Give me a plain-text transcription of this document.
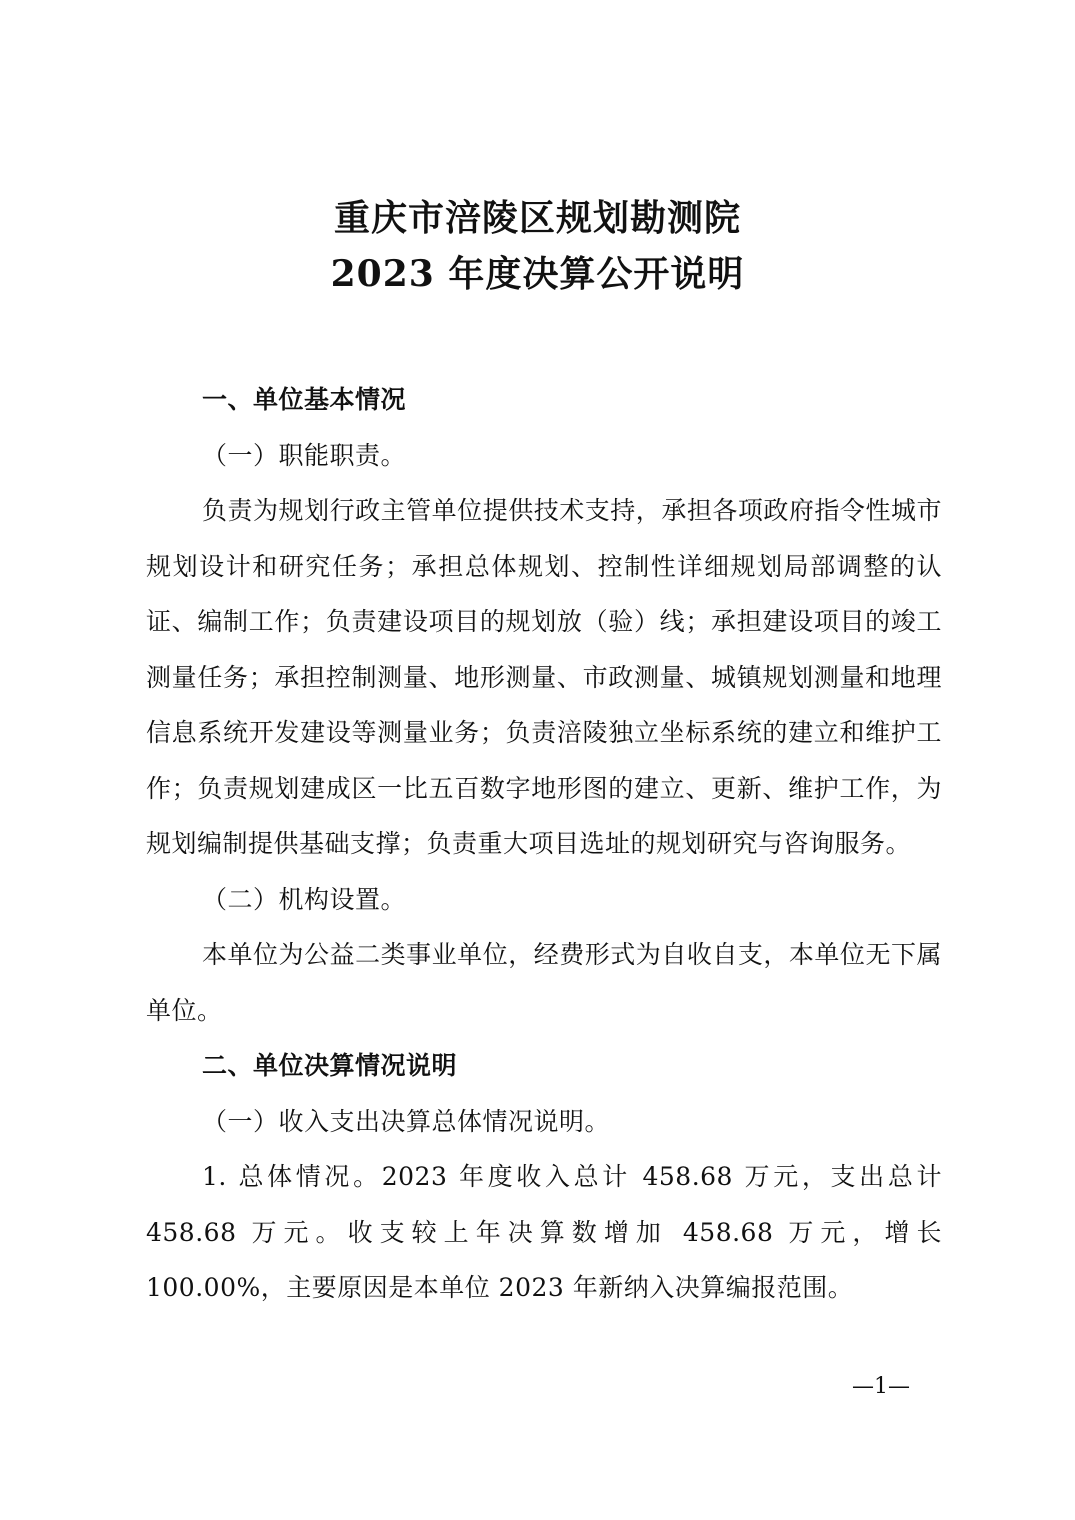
重庆市涪陵区规划勘测院
2023 年度决算公开说明

一、单位基本情况

（一）职能职责。

负责为规划行政主管单位提供技术支持，承担各项政府指令性城市规划设计和研究任务；承担总体规划、控制性详细规划局部调整的认证、编制工作；负责建设项目的规划放（验）线；承担建设项目的竣工测量任务；承担控制测量、地形测量、市政测量、城镇规划测量和地理信息系统开发建设等测量业务；负责涪陵独立坐标系统的建立和维护工作；负责规划建成区一比五百数字地形图的建立、更新、维护工作，为规划编制提供基础支撑；负责重大项目选址的规划研究与咨询服务。

（二）机构设置。

本单位为公益二类事业单位，经费形式为自收自支，本单位无下属单位。

二、单位决算情况说明

（一）收入支出决算总体情况说明。

1. 总体情况。2023 年度收入总计 458.68 万元，支出总计 458.68 万元。收支较上年决算数增加 458.68 万元，增长 100.00%，主要原因是本单位 2023 年新纳入决算编报范围。

—1—
